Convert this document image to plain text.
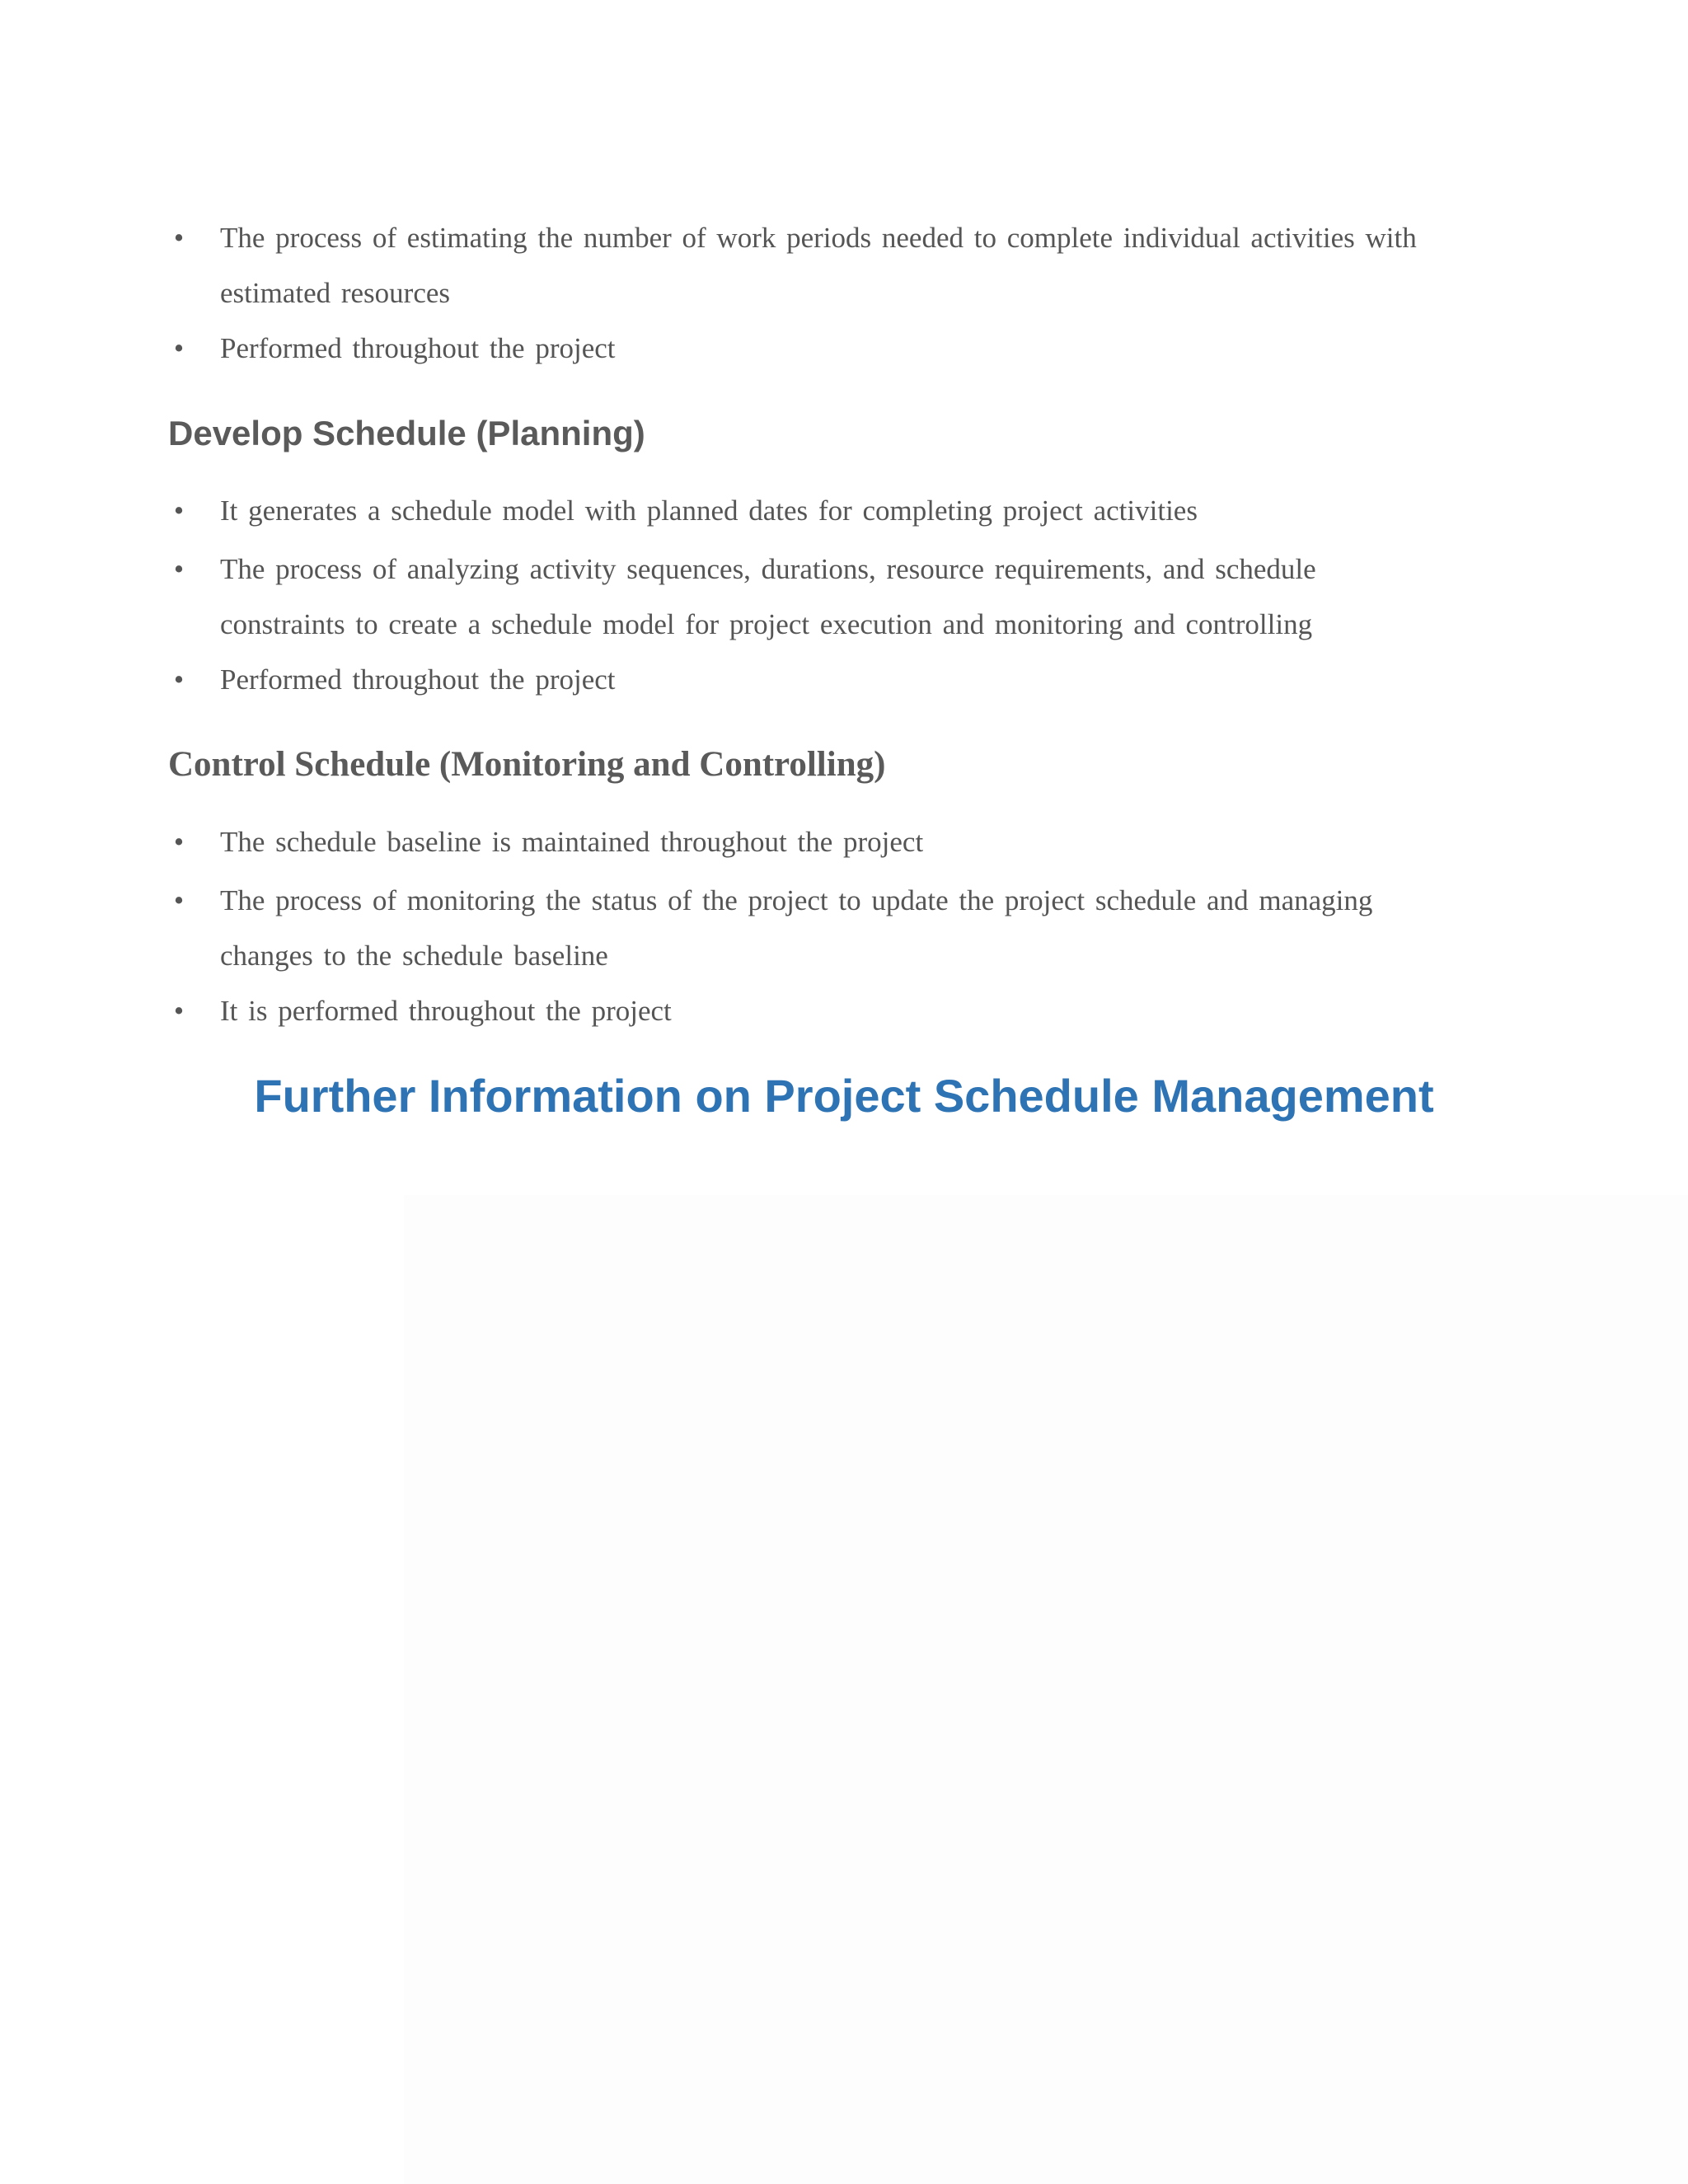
• The process of estimating the number of work periods needed to complete individual activities with estimated resources
• Performed throughout the project
Develop Schedule (Planning)
• It generates a schedule model with planned dates for completing project activities
• The process of analyzing activity sequences, durations, resource requirements, and schedule constraints to create a schedule model for project execution and monitoring and controlling
• Performed throughout the project
Control Schedule (Monitoring and Controlling)
• The schedule baseline is maintained throughout the project
• The process of monitoring the status of the project to update the project schedule and managing changes to the schedule baseline
• It is performed throughout the project
Further Information on Project Schedule Management
